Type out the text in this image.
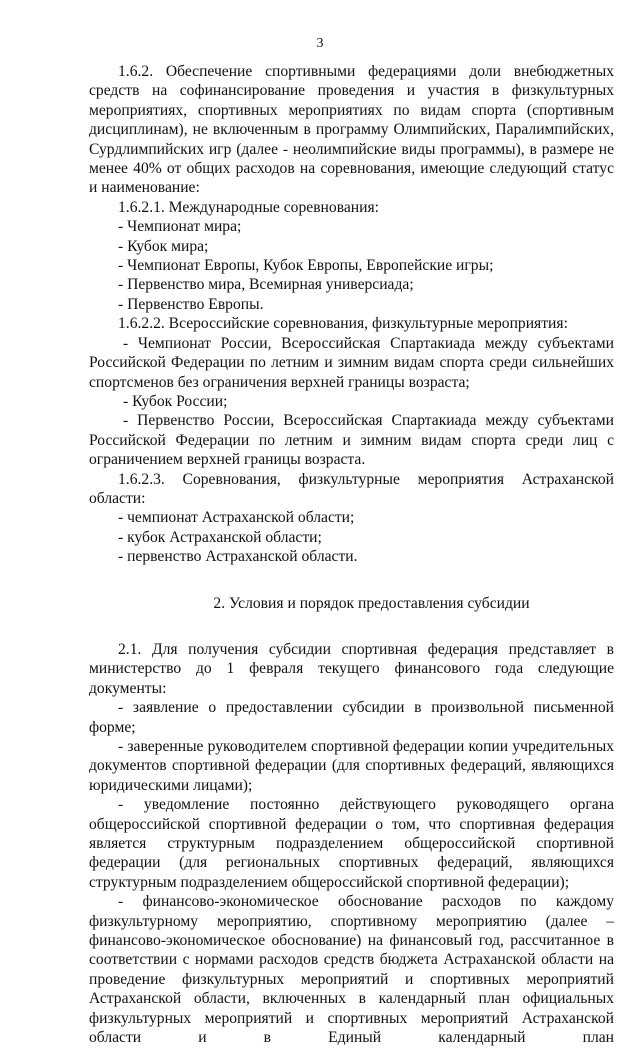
3

1.6.2. Обеспечение спортивными федерациями доли внебюджетных средств на софинансирование проведения и участия в физкультурных мероприятиях, спортивных мероприятиях по видам спорта (спортивным дисциплинам), не включенным в программу Олимпийских, Паралимпийских, Сурдлимпийских игр (далее - неолимпийские виды программы), в размере не менее 40% от общих расходов на соревнования, имеющие следующий статус и наименование:

1.6.2.1. Международные соревнования:

- Чемпионат мира;

- Кубок мира;

- Чемпионат Европы, Кубок Европы, Европейские игры;

- Первенство мира, Всемирная универсиада;

- Первенство Европы.

1.6.2.2. Всероссийские соревнования, физкультурные мероприятия:

- Чемпионат России, Всероссийская Спартакиада между субъектами Российской Федерации по летним и зимним видам спорта среди сильнейших спортсменов без ограничения верхней границы возраста;

- Кубок России;

- Первенство России, Всероссийская Спартакиада между субъектами Российской Федерации по летним и зимним видам спорта среди лиц с ограничением верхней границы возраста.

1.6.2.3. Соревнования, физкультурные мероприятия Астраханской области:

- чемпионат Астраханской области;

- кубок Астраханской области;

- первенство Астраханской области.

2. Условия и порядок предоставления субсидии

2.1. Для получения субсидии спортивная федерация представляет в министерство до 1 февраля текущего финансового года следующие документы:

- заявление о предоставлении субсидии в произвольной письменной форме;

- заверенные руководителем спортивной федерации копии учредительных документов спортивной федерации (для спортивных федераций, являющихся юридическими лицами);

- уведомление постоянно действующего руководящего органа общероссийской спортивной федерации о том, что спортивная федерация является структурным подразделением общероссийской спортивной федерации (для региональных спортивных федераций, являющихся структурным подразделением общероссийской спортивной федерации);

- финансово-экономическое обоснование расходов по каждому физкультурному мероприятию, спортивному мероприятию (далее – финансово-экономическое обоснование) на финансовый год, рассчитанное в соответствии с нормами расходов средств бюджета Астраханской области на проведение физкультурных мероприятий и спортивных мероприятий Астраханской области, включенных в календарный план официальных физкультурных мероприятий и спортивных мероприятий Астраханской области и в Единый календарный план
